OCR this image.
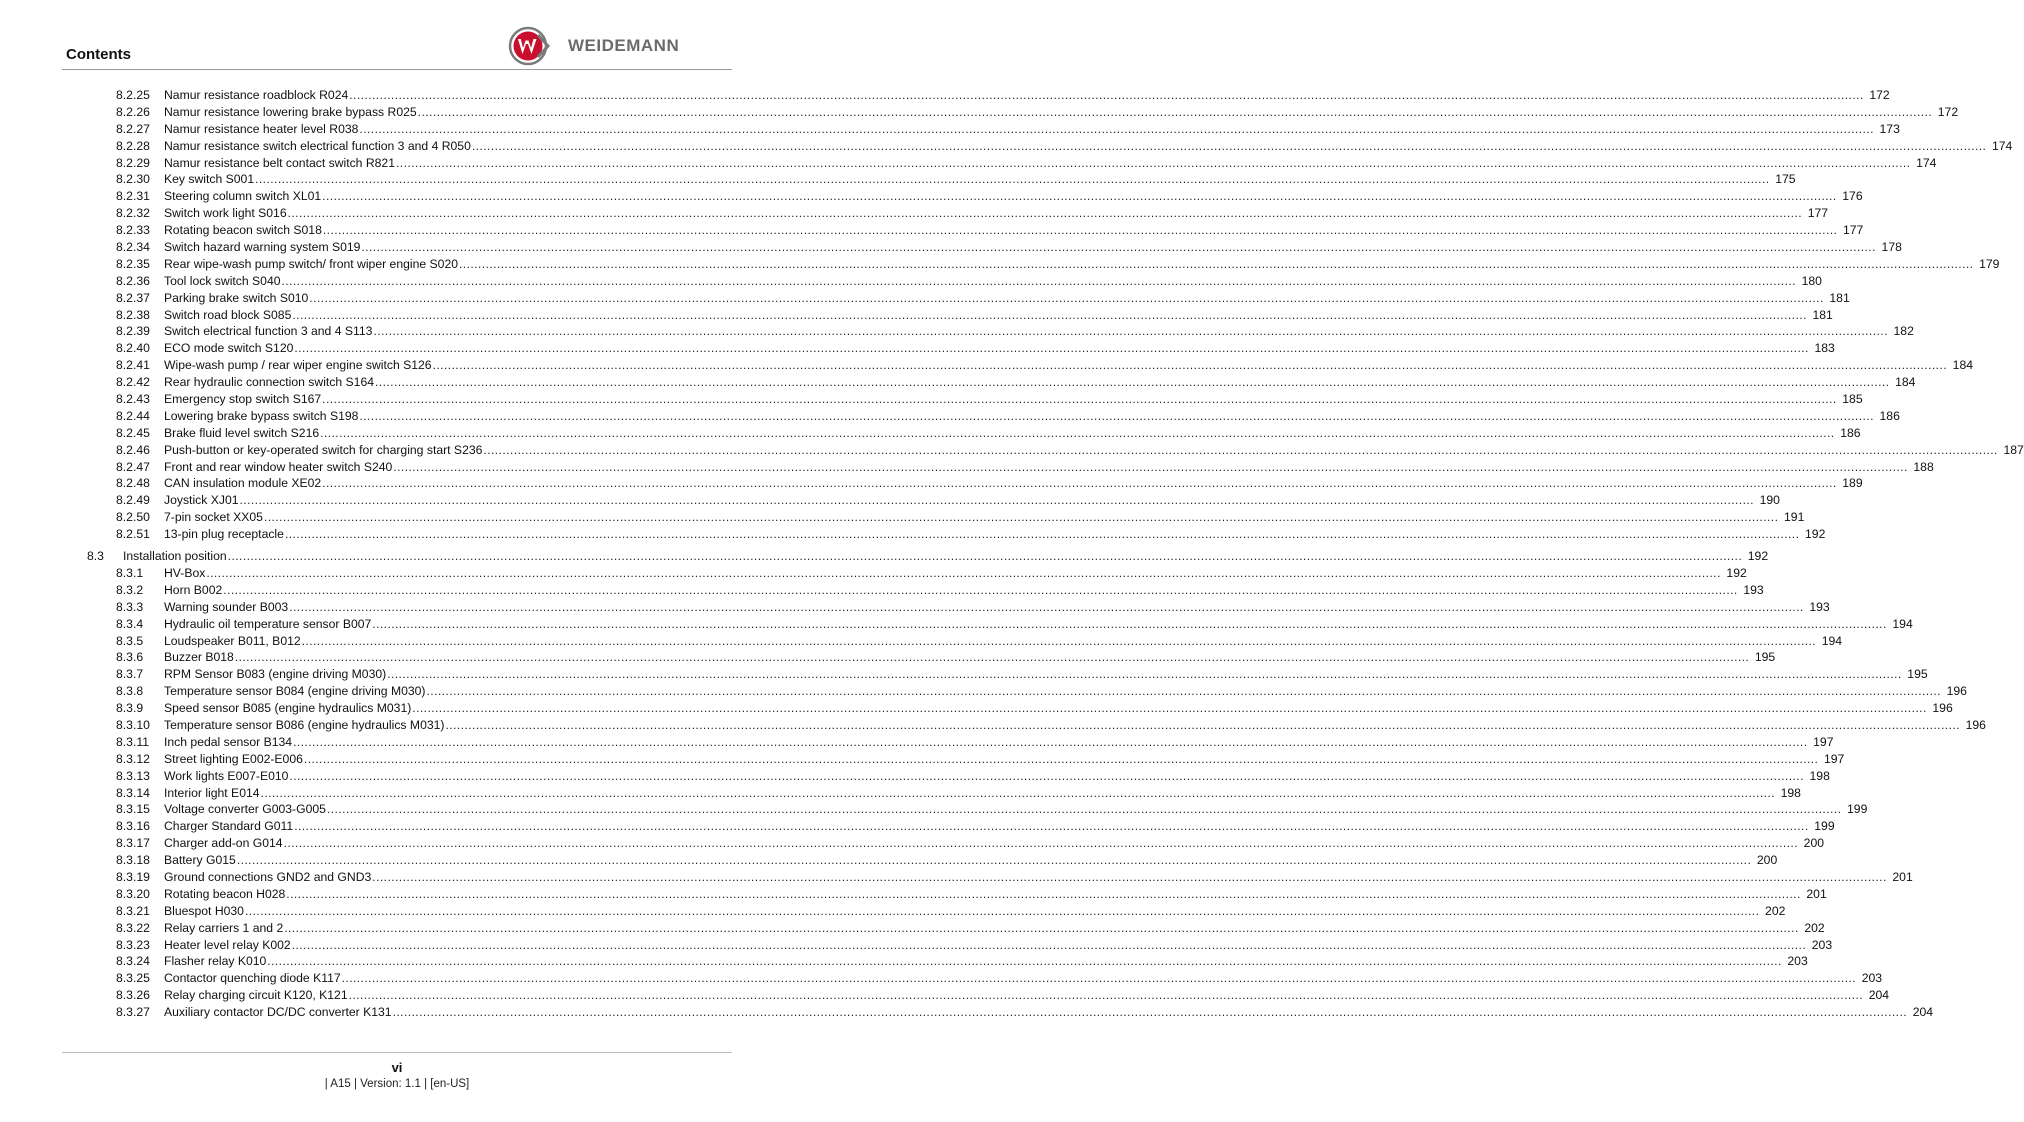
Contents	WEIDEMANN
8.2.25 Namur resistance roadblock R024 ................................................................................................................................................................................................................................................................................................................................................................................................................ 172
8.2.26 Namur resistance lowering brake bypass R025 ................................................................................................................................................................................................................................................................................................................................................................................................................ 172
8.2.27 Namur resistance heater level R038 ................................................................................................................................................................................................................................................................................................................................................................................................................ 173
8.2.28 Namur resistance switch electrical function 3 and 4 R050 ................................................................................................................................................................................................................................................................................................................................................................................................................ 174
8.2.29 Namur resistance belt contact switch R821 ................................................................................................................................................................................................................................................................................................................................................................................................................ 174
8.2.30 Key switch S001 ................................................................................................................................................................................................................................................................................................................................................................................................................ 175
8.2.31 Steering column switch XL01 ................................................................................................................................................................................................................................................................................................................................................................................................................ 176
8.2.32 Switch work light S016 ................................................................................................................................................................................................................................................................................................................................................................................................................ 177
8.2.33 Rotating beacon switch S018 ................................................................................................................................................................................................................................................................................................................................................................................................................ 177
8.2.34 Switch hazard warning system S019 ................................................................................................................................................................................................................................................................................................................................................................................................................ 178
8.2.35 Rear wipe-wash pump switch/ front wiper engine S020 ................................................................................................................................................................................................................................................................................................................................................................................................................ 179
8.2.36 Tool lock switch S040 ................................................................................................................................................................................................................................................................................................................................................................................................................ 180
8.2.37 Parking brake switch S010 ................................................................................................................................................................................................................................................................................................................................................................................................................ 181
8.2.38 Switch road block S085 ................................................................................................................................................................................................................................................................................................................................................................................................................ 181
8.2.39 Switch electrical function 3 and 4 S113 ................................................................................................................................................................................................................................................................................................................................................................................................................ 182
8.2.40 ECO mode switch S120 ................................................................................................................................................................................................................................................................................................................................................................................................................ 183
8.2.41 Wipe-wash pump / rear wiper engine switch S126 ................................................................................................................................................................................................................................................................................................................................................................................................................ 184
8.2.42 Rear hydraulic connection switch S164 ................................................................................................................................................................................................................................................................................................................................................................................................................ 184
8.2.43 Emergency stop switch S167 ................................................................................................................................................................................................................................................................................................................................................................................................................ 185
8.2.44 Lowering brake bypass switch S198 ................................................................................................................................................................................................................................................................................................................................................................................................................ 186
8.2.45 Brake fluid level switch S216 ................................................................................................................................................................................................................................................................................................................................................................................................................ 186
8.2.46 Push-button or key-operated switch for charging start S236 ................................................................................................................................................................................................................................................................................................................................................................................................................ 187
8.2.47 Front and rear window heater switch S240 ................................................................................................................................................................................................................................................................................................................................................................................................................ 188
8.2.48 CAN insulation module XE02 ................................................................................................................................................................................................................................................................................................................................................................................................................ 189
8.2.49 Joystick XJ01 ................................................................................................................................................................................................................................................................................................................................................................................................................ 190
8.2.50 7-pin socket XX05 ................................................................................................................................................................................................................................................................................................................................................................................................................ 191
8.2.51 13-pin plug receptacle ................................................................................................................................................................................................................................................................................................................................................................................................................ 192
8.3 Installation position ................................................................................................................................................................................................................................................................................................................................................................................................................ 192
8.3.1 HV-Box ................................................................................................................................................................................................................................................................................................................................................................................................................ 192
8.3.2 Horn B002 ................................................................................................................................................................................................................................................................................................................................................................................................................ 193
8.3.3 Warning sounder B003 ................................................................................................................................................................................................................................................................................................................................................................................................................ 193
8.3.4 Hydraulic oil temperature sensor B007 ................................................................................................................................................................................................................................................................................................................................................................................................................ 194
8.3.5 Loudspeaker B011, B012 ................................................................................................................................................................................................................................................................................................................................................................................................................ 194
8.3.6 Buzzer B018 ................................................................................................................................................................................................................................................................................................................................................................................................................ 195
8.3.7 RPM Sensor B083 (engine driving M030) ................................................................................................................................................................................................................................................................................................................................................................................................................ 195
8.3.8 Temperature sensor B084 (engine driving M030) ................................................................................................................................................................................................................................................................................................................................................................................................................ 196
8.3.9 Speed sensor B085 (engine hydraulics M031) ................................................................................................................................................................................................................................................................................................................................................................................................................ 196
8.3.10 Temperature sensor B086 (engine hydraulics M031) ................................................................................................................................................................................................................................................................................................................................................................................................................ 196
8.3.11 Inch pedal sensor B134 ................................................................................................................................................................................................................................................................................................................................................................................................................ 197
8.3.12 Street lighting E002-E006 ................................................................................................................................................................................................................................................................................................................................................................................................................ 197
8.3.13 Work lights E007-E010 ................................................................................................................................................................................................................................................................................................................................................................................................................ 198
8.3.14 Interior light E014 ................................................................................................................................................................................................................................................................................................................................................................................................................ 198
8.3.15 Voltage converter G003-G005 ................................................................................................................................................................................................................................................................................................................................................................................................................ 199
8.3.16 Charger Standard G011 ................................................................................................................................................................................................................................................................................................................................................................................................................ 199
8.3.17 Charger add-on G014 ................................................................................................................................................................................................................................................................................................................................................................................................................ 200
8.3.18 Battery G015 ................................................................................................................................................................................................................................................................................................................................................................................................................ 200
8.3.19 Ground connections GND2 and GND3 ................................................................................................................................................................................................................................................................................................................................................................................................................ 201
8.3.20 Rotating beacon H028 ................................................................................................................................................................................................................................................................................................................................................................................................................ 201
8.3.21 Bluespot H030 ................................................................................................................................................................................................................................................................................................................................................................................................................ 202
8.3.22 Relay carriers 1 and 2 ................................................................................................................................................................................................................................................................................................................................................................................................................ 202
8.3.23 Heater level relay K002 ................................................................................................................................................................................................................................................................................................................................................................................................................ 203
8.3.24 Flasher relay K010 ................................................................................................................................................................................................................................................................................................................................................................................................................ 203
8.3.25 Contactor quenching diode K117 ................................................................................................................................................................................................................................................................................................................................................................................................................ 203
8.3.26 Relay charging circuit K120, K121 ................................................................................................................................................................................................................................................................................................................................................................................................................ 204
8.3.27 Auxiliary contactor DC/DC converter K131 ................................................................................................................................................................................................................................................................................................................................................................................................................ 204
vi
| A15 | Version: 1.1 | [en-US]
